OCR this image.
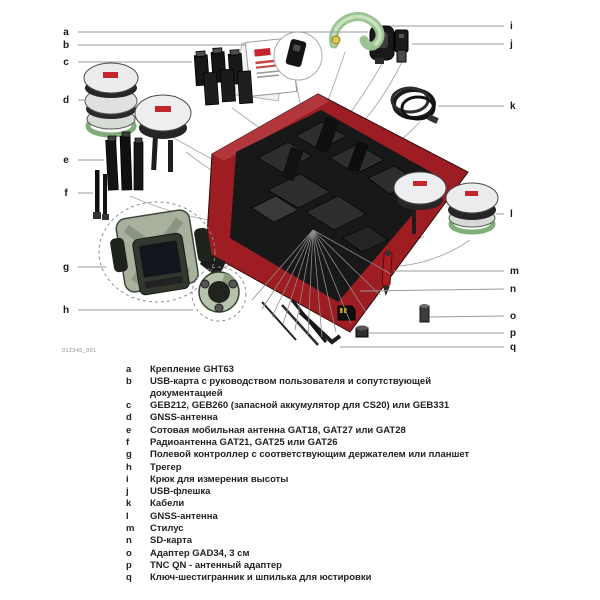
a
b
c
d
e
f
g
h
i
j
k
l
m
n
o
p
q
012345_001
a	Крепление GHT63
b	USB-карта с руководством пользователя и сопутствующей
документацией
c	GEB212, GEB260 (запасной аккумулятор для CS20) или GEB331
d	GNSS-антенна
e	Сотовая мобильная антенна GAT18, GAT27 или GAT28
f	Радиоантенна GAT21, GAT25 или GAT26
g	Полевой контроллер с соответствующим держателем или планшет
h	Трегер
i	Крюк для измерения высоты
j	USB-флешка
k	Кабели
l	GNSS-антенна
m	Стилус
n	SD-карта
o	Адаптер GAD34, 3 см
p	TNC QN - антенный адаптер
q	Ключ-шестигранник и шпилька для юстировки
